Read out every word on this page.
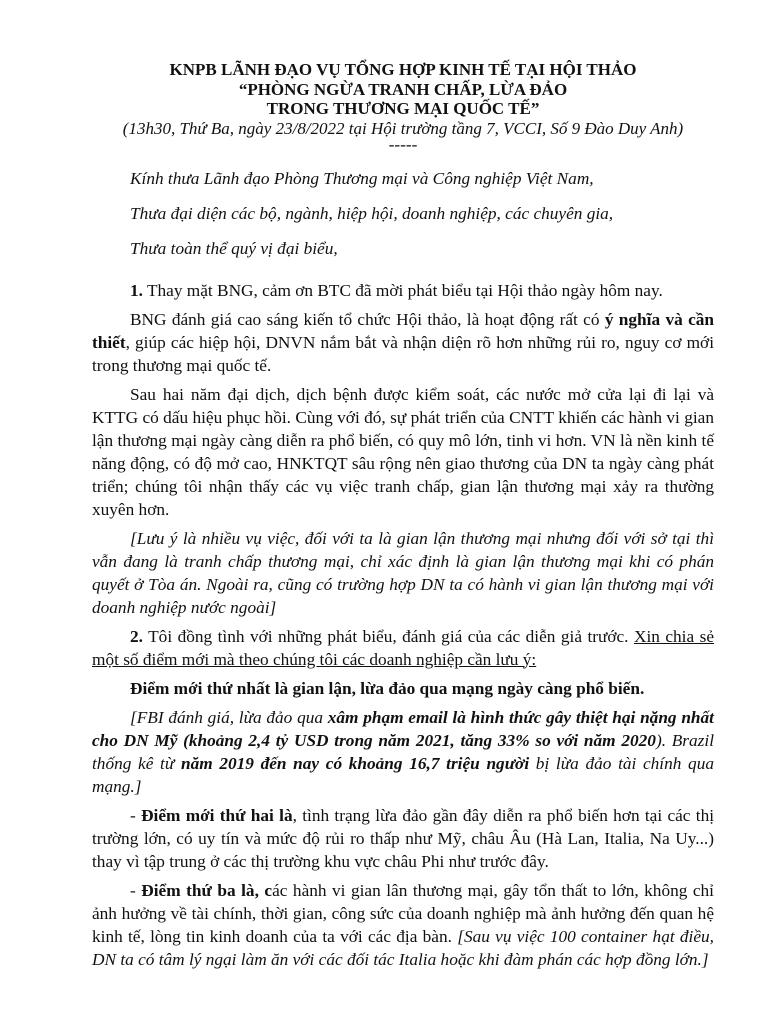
KNPB LÃNH ĐẠO VỤ TỔNG HỢP KINH TẾ TẠI HỘI THẢO
“PHÒNG NGỪA TRANH CHẤP, LỪA ĐẢO
TRONG THƯƠNG MẠI QUỐC TẾ”
(13h30, Thứ Ba, ngày 23/8/2022 tại Hội trường tầng 7, VCCI, Số 9 Đào Duy Anh)
-----

Kính thưa Lãnh đạo Phòng Thương mại và Công nghiệp Việt Nam,

Thưa đại diện các bộ, ngành, hiệp hội, doanh nghiệp, các chuyên gia,

Thưa toàn thể quý vị đại biểu,

1. Thay mặt BNG, cảm ơn BTC đã mời phát biểu tại Hội thảo ngày hôm nay.

BNG đánh giá cao sáng kiến tổ chức Hội thảo, là hoạt động rất có ý nghĩa và cần thiết, giúp các hiệp hội, DNVN nắm bắt và nhận diện rõ hơn những rủi ro, nguy cơ mới trong thương mại quốc tế.

Sau hai năm đại dịch, dịch bệnh được kiểm soát, các nước mở cửa lại đi lại và KTTG có dấu hiệu phục hồi. Cùng với đó, sự phát triển của CNTT khiến các hành vi gian lận thương mại ngày càng diễn ra phổ biến, có quy mô lớn, tinh vi hơn. VN là nền kinh tế năng động, có độ mở cao, HNKTQT sâu rộng nên giao thương của DN ta ngày càng phát triển; chúng tôi nhận thấy các vụ việc tranh chấp, gian lận thương mại xảy ra thường xuyên hơn.

[Lưu ý là nhiều vụ việc, đối với ta là gian lận thương mại nhưng đối với sở tại thì vẫn đang là tranh chấp thương mại, chỉ xác định là gian lận thương mại khi có phán quyết ở Tòa án. Ngoài ra, cũng có trường hợp DN ta có hành vi gian lận thương mại với doanh nghiệp nước ngoài]

2. Tôi đồng tình với những phát biểu, đánh giá của các diễn giả trước. Xin chia sẻ một số điểm mới mà theo chúng tôi các doanh nghiệp cần lưu ý:

Điểm mới thứ nhất là gian lận, lừa đảo qua mạng ngày càng phổ biến.

[FBI đánh giá, lừa đảo qua xâm phạm email là hình thức gây thiệt hại nặng nhất cho DN Mỹ (khoảng 2,4 tỷ USD trong năm 2021, tăng 33% so với năm 2020). Brazil thống kê từ năm 2019 đến nay có khoảng 16,7 triệu người bị lừa đảo tài chính qua mạng.]

- Điểm mới thứ hai là, tình trạng lừa đảo gần đây diễn ra phổ biến hơn tại các thị trường lớn, có uy tín và mức độ rủi ro thấp như Mỹ, châu Âu (Hà Lan, Italia, Na Uy...) thay vì tập trung ở các thị trường khu vực châu Phi như trước đây.

- Điểm thứ ba là, các hành vi gian lân thương mại, gây tổn thất to lớn, không chỉ ảnh hưởng về tài chính, thời gian, công sức của doanh nghiệp mà ảnh hưởng đến quan hệ kinh tế, lòng tin kinh doanh của ta với các địa bàn. [Sau vụ việc 100 container hạt điều, DN ta có tâm lý ngại làm ăn với các đối tác Italia hoặc khi đàm phán các hợp đồng lớn.]
